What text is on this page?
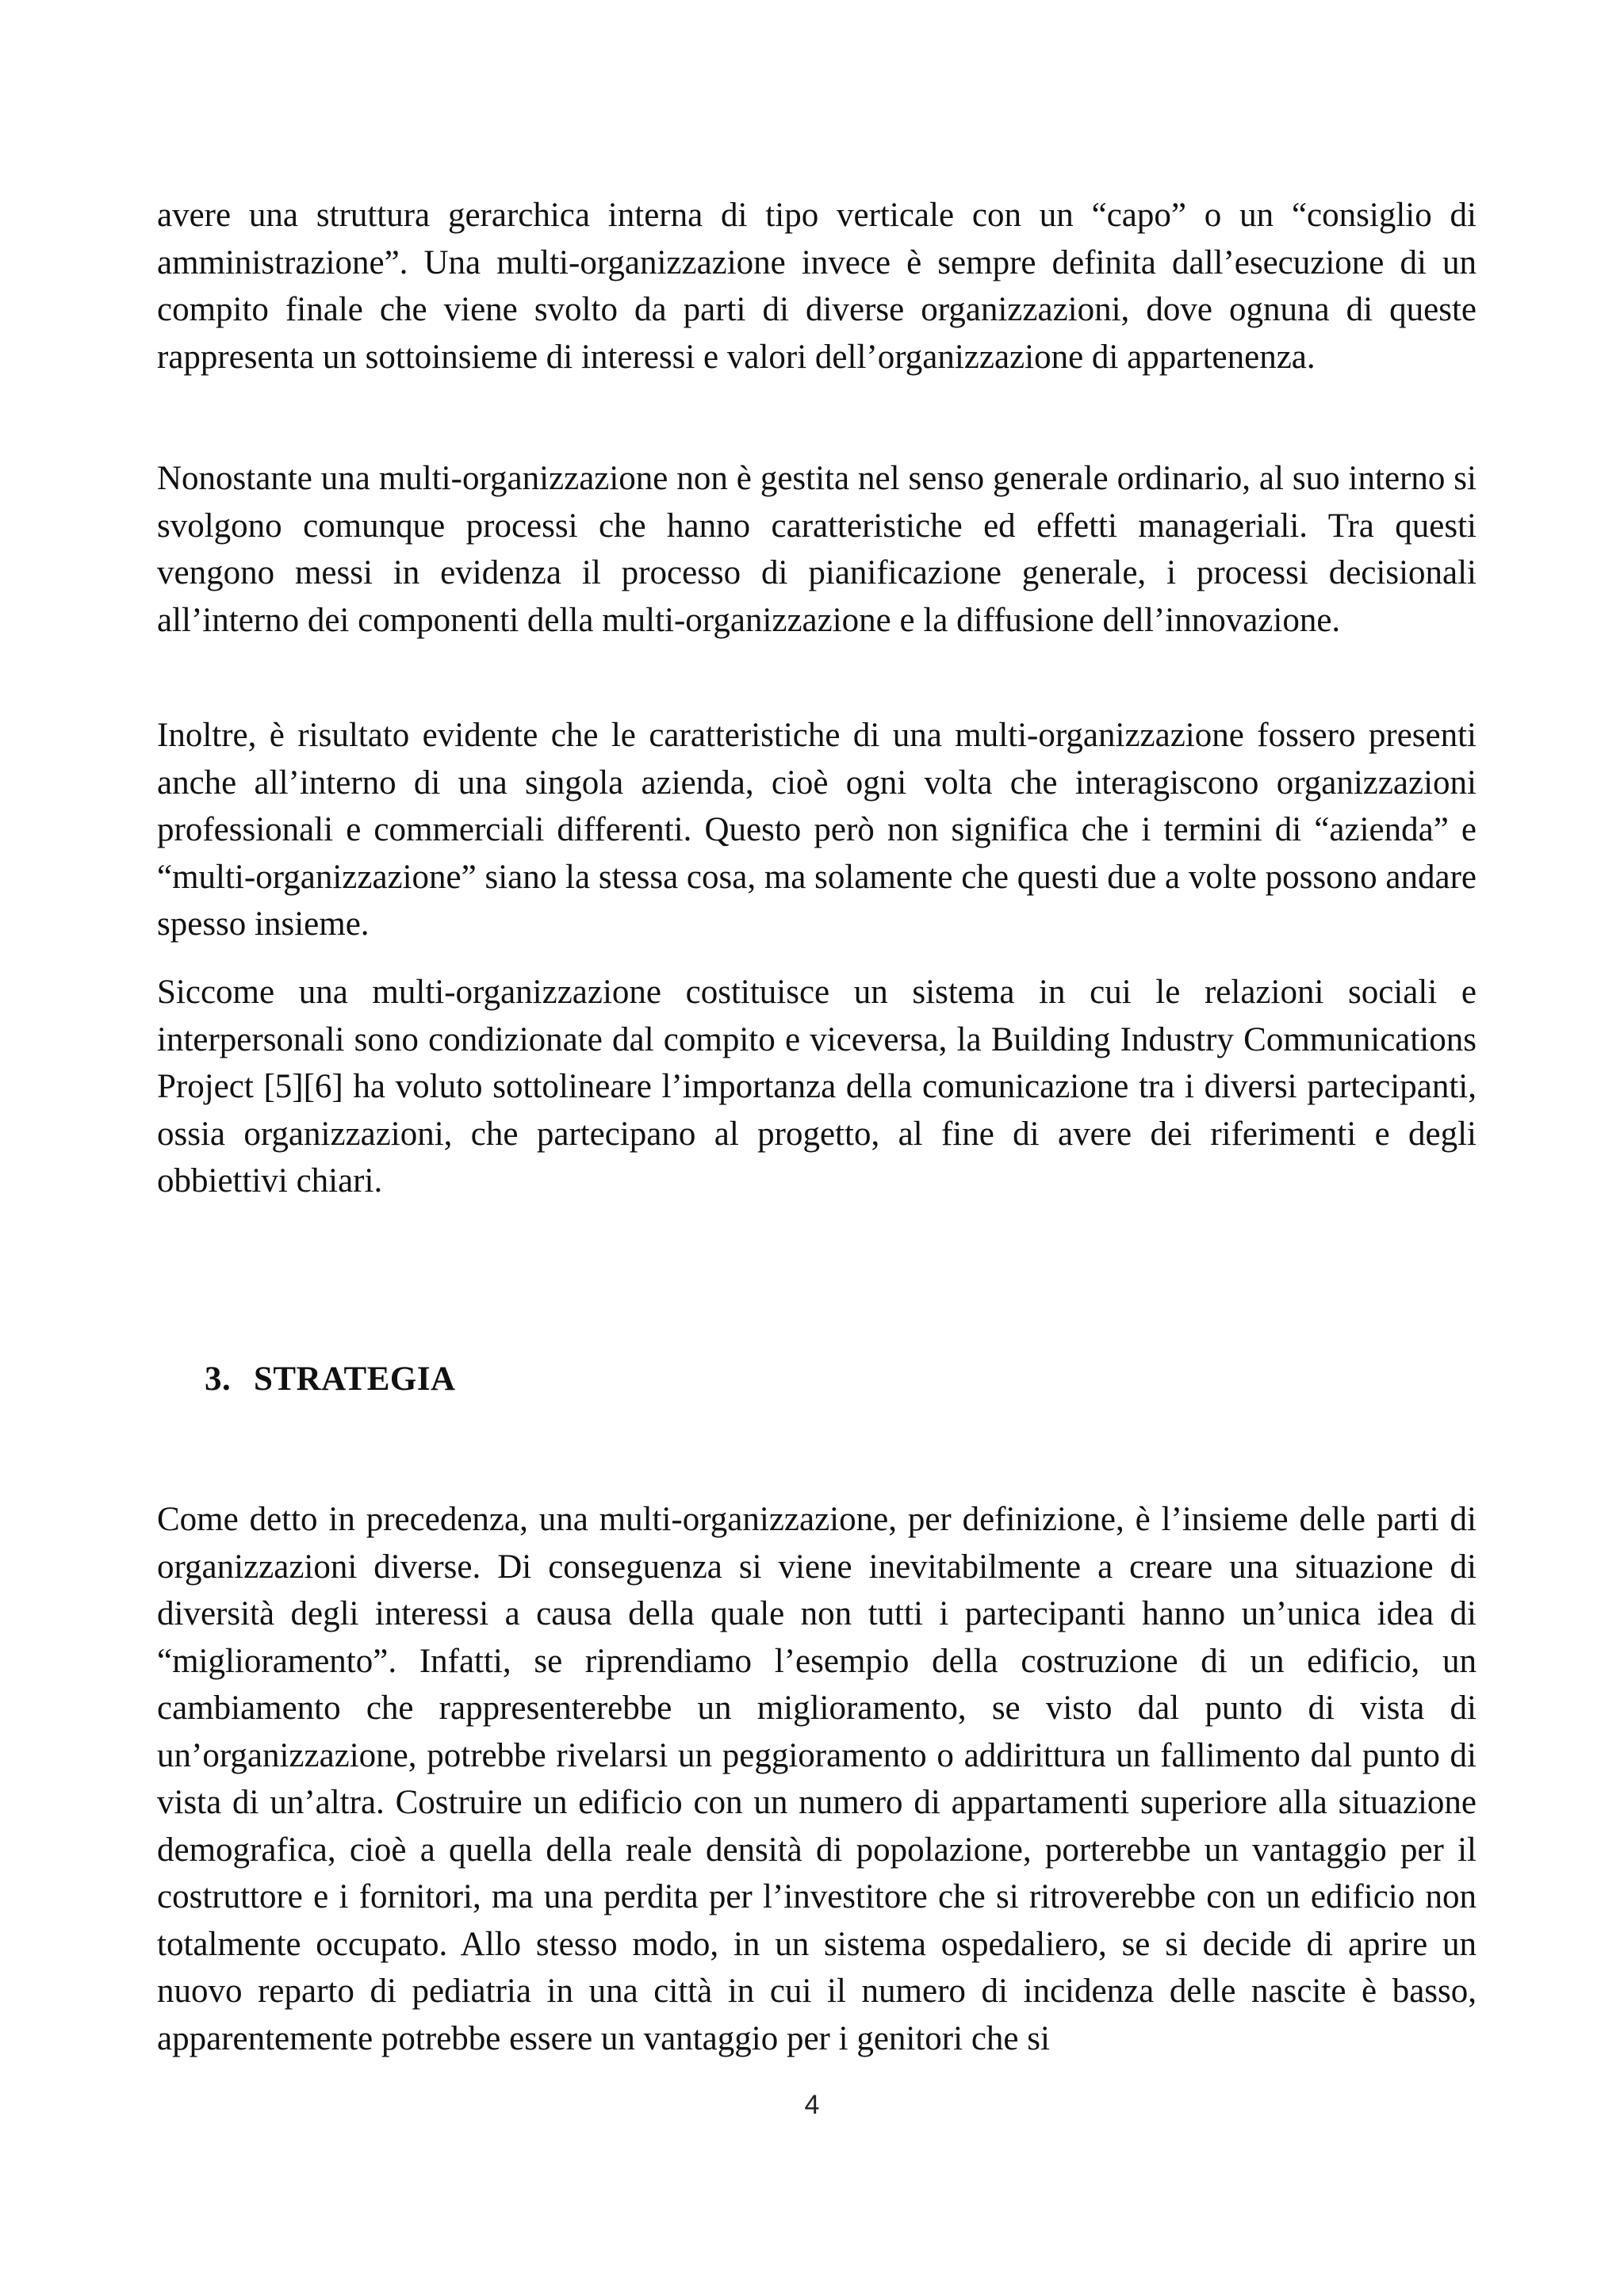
avere una struttura gerarchica interna di tipo verticale con un “capo” o un “consiglio di amministrazione”. Una multi-organizzazione invece è sempre definita dall’esecuzione di un compito finale che viene svolto da parti di diverse organizzazioni, dove ognuna di queste rappresenta un sottoinsieme di interessi e valori dell’organizzazione di appartenenza.

Nonostante una multi-organizzazione non è gestita nel senso generale ordinario, al suo interno si svolgono comunque processi che hanno caratteristiche ed effetti manageriali. Tra questi vengono messi in evidenza il processo di pianificazione generale, i processi decisionali all’interno dei componenti della multi-organizzazione e la diffusione dell’innovazione.

Inoltre, è risultato evidente che le caratteristiche di una multi-organizzazione fossero presenti anche all’interno di una singola azienda, cioè ogni volta che interagiscono organizzazioni professionali e commerciali differenti. Questo però non significa che i termini di “azienda” e “multi-organizzazione” siano la stessa cosa, ma solamente che questi due a volte possono andare spesso insieme.

Siccome una multi-organizzazione costituisce un sistema in cui le relazioni sociali e interpersonali sono condizionate dal compito e viceversa, la Building Industry Communications Project [5][6] ha voluto sottolineare l’importanza della comunicazione tra i diversi partecipanti, ossia organizzazioni, che partecipano al progetto, al fine di avere dei riferimenti e degli obbiettivi chiari.

3. STRATEGIA

Come detto in precedenza, una multi-organizzazione, per definizione, è l’insieme delle parti di organizzazioni diverse. Di conseguenza si viene inevitabilmente a creare una situazione di diversità degli interessi a causa della quale non tutti i partecipanti hanno un’unica idea di “miglioramento”. Infatti, se riprendiamo l’esempio della costruzione di un edificio, un cambiamento che rappresenterebbe un miglioramento, se visto dal punto di vista di un’organizzazione, potrebbe rivelarsi un peggioramento o addirittura un fallimento dal punto di vista di un’altra. Costruire un edificio con un numero di appartamenti superiore alla situazione demografica, cioè a quella della reale densità di popolazione, porterebbe un vantaggio per il costruttore e i fornitori, ma una perdita per l’investitore che si ritroverebbe con un edificio non totalmente occupato. Allo stesso modo, in un sistema ospedaliero, se si decide di aprire un nuovo reparto di pediatria in una città in cui il numero di incidenza delle nascite è basso, apparentemente potrebbe essere un vantaggio per i genitori che si

4
